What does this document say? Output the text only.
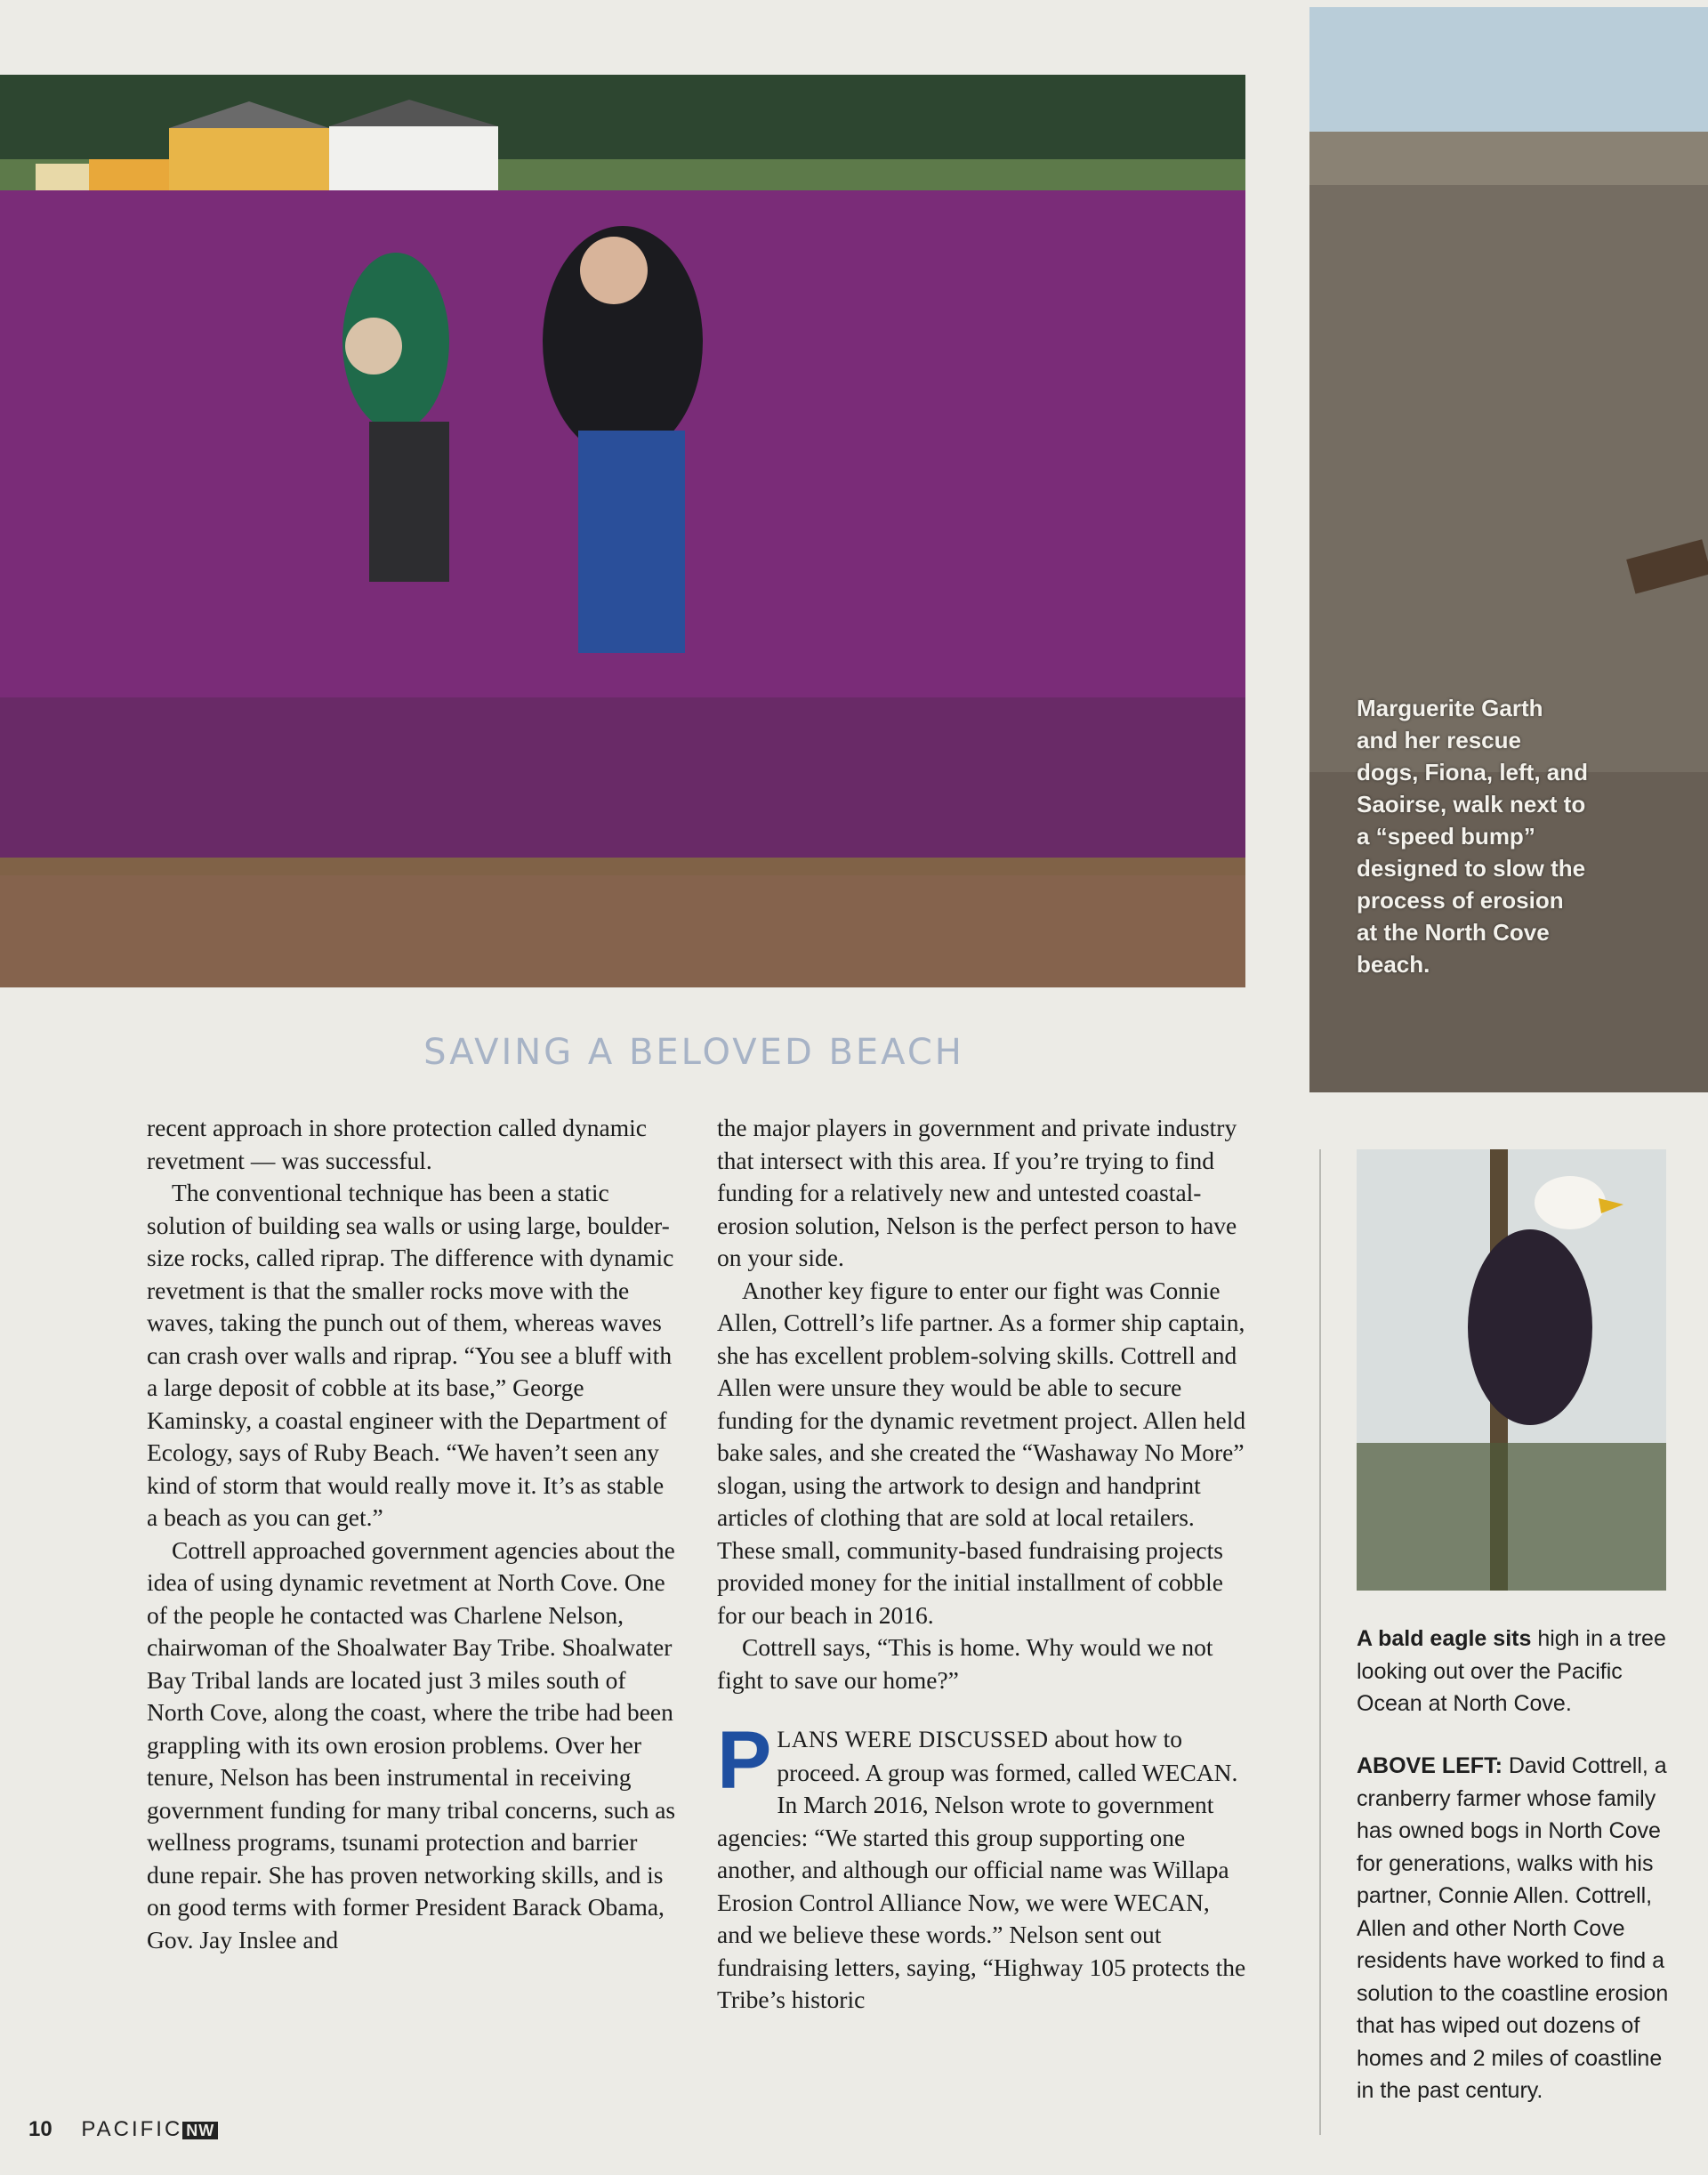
Marguerite Garth and her rescue dogs, Fiona, left, and Saoirse, walk next to a “speed bump” designed to slow the process of erosion at the North Cove beach.
SAVING A BELOVED BEACH

recent approach in shore protection called dynamic revetment — was successful.

The conventional technique has been a static solution of building sea walls or using large, boulder-size rocks, called riprap. The difference with dynamic revetment is that the smaller rocks move with the waves, taking the punch out of them, whereas waves can crash over walls and riprap. “You see a bluff with a large deposit of cobble at its base,” George Kaminsky, a coastal engineer with the Department of Ecology, says of Ruby Beach. “We haven’t seen any kind of storm that would really move it. It’s as stable a beach as you can get.”

Cottrell approached government agencies about the idea of using dynamic revetment at North Cove. One of the people he contacted was Charlene Nelson, chairwoman of the Shoalwater Bay Tribe. Shoalwater Bay Tribal lands are located just 3 miles south of North Cove, along the coast, where the tribe had been grappling with its own erosion problems. Over her tenure, Nelson has been instrumental in receiving government funding for many tribal concerns, such as wellness programs, tsunami protection and barrier dune repair. She has proven networking skills, and is on good terms with former President Barack Obama, Gov. Jay Inslee and

the major players in government and private industry that intersect with this area. If you’re trying to find funding for a relatively new and untested coastal-erosion solution, Nelson is the perfect person to have on your side.

Another key figure to enter our fight was Connie Allen, Cottrell’s life partner. As a former ship captain, she has excellent problem-solving skills. Cottrell and Allen were unsure they would be able to secure funding for the dynamic revetment project. Allen held bake sales, and she created the “Washaway No More” slogan, using the artwork to design and handprint articles of clothing that are sold at local retailers. These small, community-based fundraising projects provided money for the initial installment of cobble for our beach in 2016.

Cottrell says, “This is home. Why would we not fight to save our home?”

PLANS WERE DISCUSSED about how to proceed. A group was formed, called WECAN. In March 2016, Nelson wrote to government agencies: “We started this group supporting one another, and although our official name was Willapa Erosion Control Alliance Now, we were WECAN, and we believe these words.” Nelson sent out fundraising letters, saying, “Highway 105 protects the Tribe’s historic

A bald eagle sits high in a tree looking out over the Pacific Ocean at North Cove.
ABOVE LEFT: David Cottrell, a cranberry farmer whose family has owned bogs in North Cove for generations, walks with his partner, Connie Allen. Cottrell, Allen and other North Cove residents have worked to find a solution to the coastline erosion that has wiped out dozens of homes and 2 miles of coastline in the past century.
10 PACIFIC NW
